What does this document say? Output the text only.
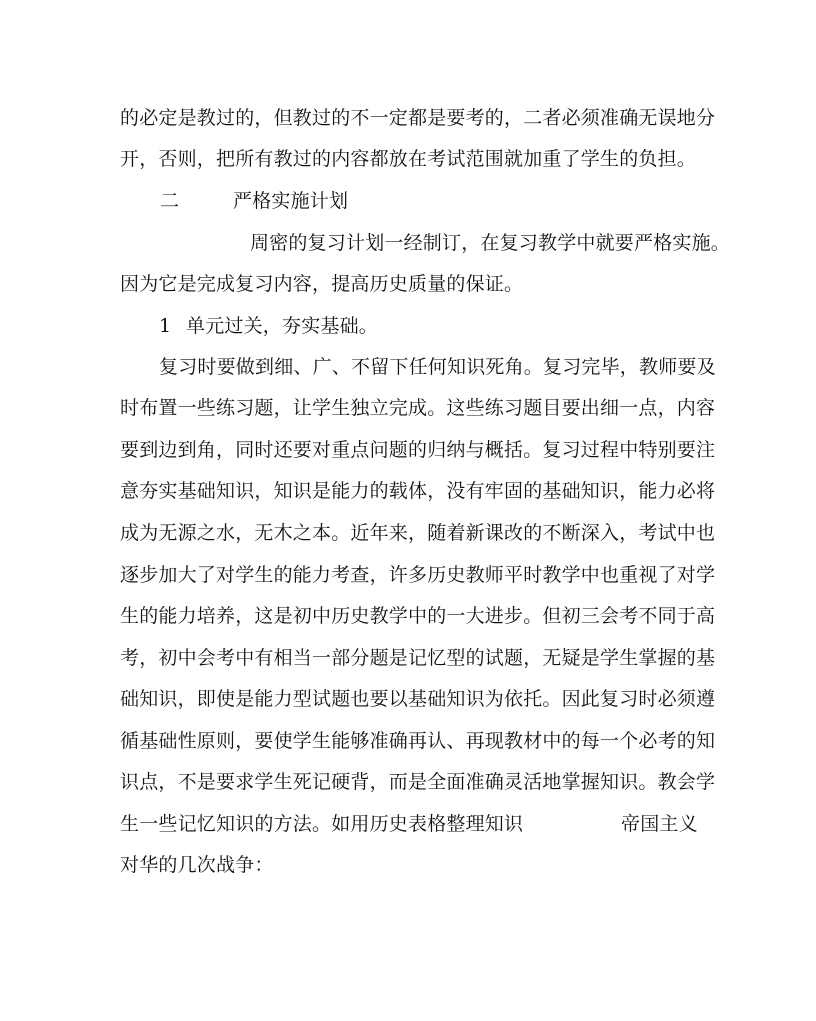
的必定是教过的，但教过的不一定都是要考的，二者必须准确无误地分
开，否则，把所有教过的内容都放在考试范围就加重了学生的负担。
二	严格实施计划
周密的复习计划一经制订，在复习教学中就要严格实施。
因为它是完成复习内容，提高历史质量的保证。
1 单元过关，夯实基础。
复习时要做到细、广、不留下任何知识死角。复习完毕，教师要及
时布置一些练习题，让学生独立完成。这些练习题目要出细一点，内容
要到边到角，同时还要对重点问题的归纳与概括。复习过程中特别要注
意夯实基础知识，知识是能力的载体，没有牢固的基础知识，能力必将
成为无源之水，无木之本。近年来，随着新课改的不断深入，考试中也
逐步加大了对学生的能力考查，许多历史教师平时教学中也重视了对学
生的能力培养，这是初中历史教学中的一大进步。但初三会考不同于高
考，初中会考中有相当一部分题是记忆型的试题，无疑是学生掌握的基
础知识，即使是能力型试题也要以基础知识为依托。因此复习时必须遵
循基础性原则，要使学生能够准确再认、再现教材中的每一个必考的知
识点，不是要求学生死记硬背，而是全面准确灵活地掌握知识。教会学
生一些记忆知识的方法。如用历史表格整理知识	帝国主义
对华的几次战争：
